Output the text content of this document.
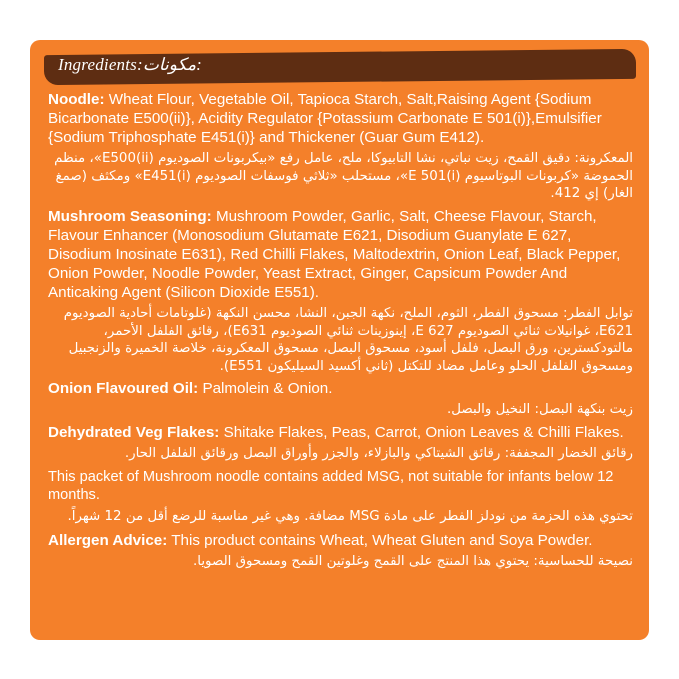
Ingredients:مكونات:
Noodle: Wheat Flour, Vegetable Oil, Tapioca Starch, Salt,Raising Agent {Sodium Bicarbonate E500(ii)}, Acidity Regulator {Potassium Carbonate E 501(i)},Emulsifier {Sodium Triphosphate E451(i)} and Thickener (Guar Gum E412).
المعكرونة: دقيق القمح، زيت نباتي، نشا التابيوكا، ملح، عامل رفع «بيكربونات الصوديوم E500(ii)»، منظم الحموضة «كربونات البوتاسيوم E 501(i)»، مستحلب «ثلاثي فوسفات الصوديوم E451(i)» ومكثف (صمغ الغار) إي 412.
Mushroom Seasoning: Mushroom Powder, Garlic, Salt, Cheese Flavour, Starch, Flavour Enhancer (Monosodium Glutamate E621, Disodium Guanylate E 627, Disodium Inosinate E631), Red Chilli Flakes, Maltodextrin, Onion Leaf, Black Pepper, Onion Powder, Noodle Powder, Yeast Extract, Ginger, Capsicum Powder And Anticaking Agent (Silicon Dioxide E551).
توابل الفطر: مسحوق الفطر، الثوم، الملح، نكهة الجبن، النشا، محسن النكهة (غلوتامات أحادية الصوديوم E621، غوانيلات ثنائي الصوديوم E 627، إينوزينات ثنائي الصوديوم E631)، رقائق الفلفل الأحمر، مالتودكسترين، ورق البصل، فلفل أسود، مسحوق البصل، مسحوق المعكرونة، خلاصة الخميرة والزنجبيل ومسحوق الفلفل الحلو وعامل مضاد للتكتل (ثاني أكسيد السيليكون E551).
Onion Flavoured Oil: Palmolein & Onion.
زيت بنكهة البصل: النخيل والبصل.
Dehydrated Veg Flakes: Shitake Flakes, Peas, Carrot, Onion Leaves & Chilli Flakes.
رقائق الخضار المجففة: رقائق الشيتاكي والبازلاء، والجزر وأوراق البصل ورقائق الفلفل الحار.
This packet of Mushroom noodle contains added MSG, not suitable for infants below 12 months.
تحتوي هذه الحزمة من نودلز الفطر على مادة MSG مضافة. وهي غير مناسبة للرضع أقل من 12 شهراً.
Allergen Advice: This product contains Wheat, Wheat Gluten and Soya Powder.
نصيحة للحساسية: يحتوي هذا المنتج على القمح وغلوتين القمح ومسحوق الصويا.
